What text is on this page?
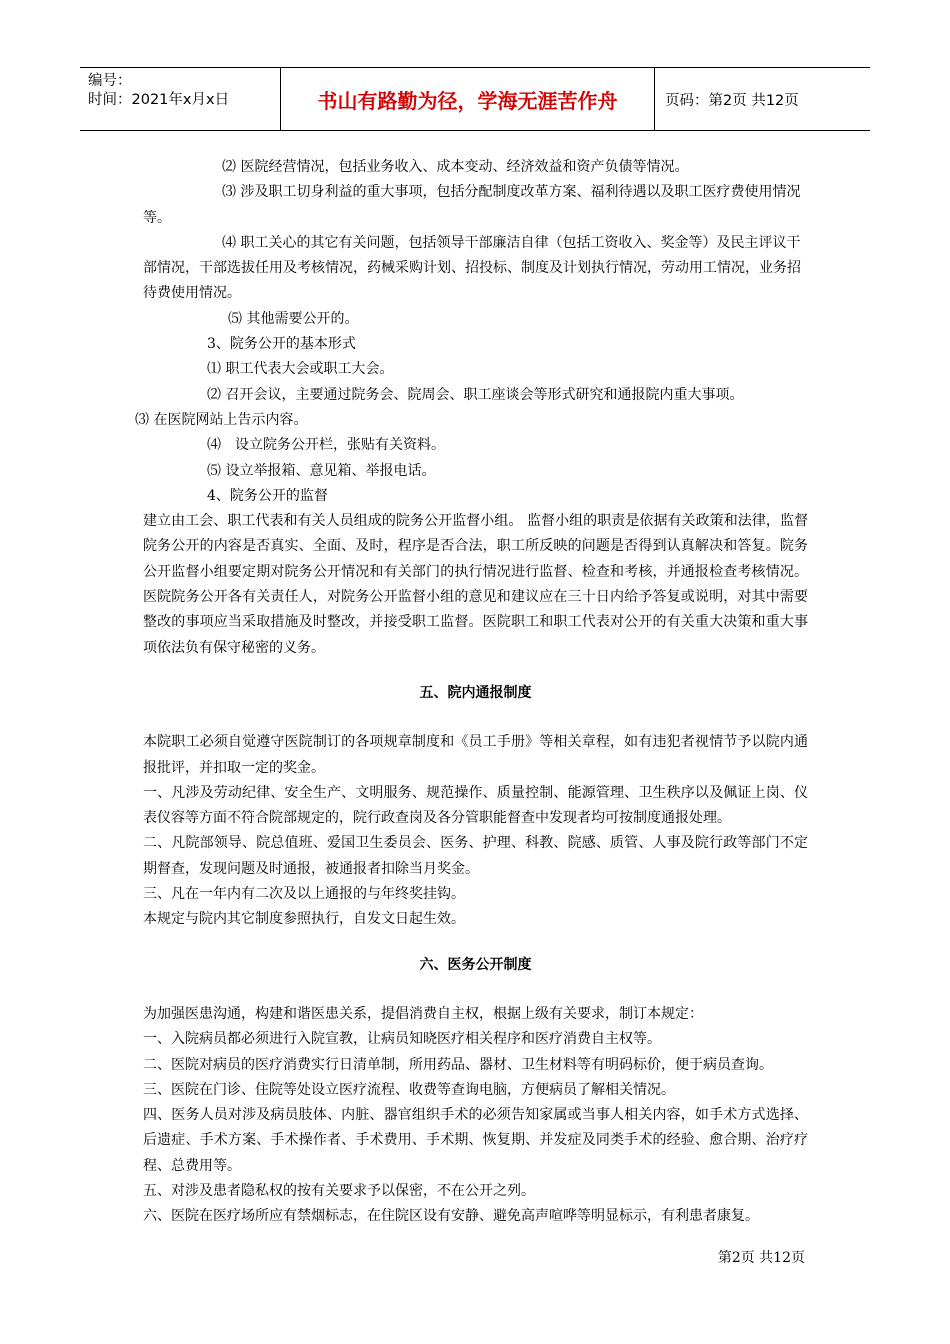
编号：
时间：2021年x月x日	书山有路勤为径，学海无涯苦作舟	页码：第2页 共12页

⑵ 医院经营情况，包括业务收入、成本变动、经济效益和资产负债等情况。

⑶ 涉及职工切身利益的重大事项，包括分配制度改革方案、福利待遇以及职工医疗费使用情况等。

⑷ 职工关心的其它有关问题，包括领导干部廉洁自律（包括工资收入、奖金等）及民主评议干部情况，干部选拔任用及考核情况，药械采购计划、招投标、制度及计划执行情况，劳动用工情况，业务招待费使用情况。

⑸ 其他需要公开的。

3、院务公开的基本形式

⑴ 职工代表大会或职工大会。

⑵ 召开会议，主要通过院务会、院周会、职工座谈会等形式研究和通报院内重大事项。

⑶ 在医院网站上告示内容。

⑷　设立院务公开栏，张贴有关资料。

⑸ 设立举报箱、意见箱、举报电话。

4、院务公开的监督

建立由工会、职工代表和有关人员组成的院务公开监督小组。 监督小组的职责是依据有关政策和法律，监督院务公开的内容是否真实、全面、及时，程序是否合法，职工所反映的问题是否得到认真解决和答复。院务公开监督小组要定期对院务公开情况和有关部门的执行情况进行监督、检查和考核，并通报检查考核情况。医院院务公开各有关责任人，对院务公开监督小组的意见和建议应在三十日内给予答复或说明，对其中需要整改的事项应当采取措施及时整改，并接受职工监督。医院职工和职工代表对公开的有关重大决策和重大事项依法负有保守秘密的义务。

五、院内通报制度

本院职工必须自觉遵守医院制订的各项规章制度和《员工手册》等相关章程，如有违犯者视情节予以院内通报批评，并扣取一定的奖金。

一、凡涉及劳动纪律、安全生产、文明服务、规范操作、质量控制、能源管理、卫生秩序以及佩证上岗、仪表仪容等方面不符合院部规定的，院行政查岗及各分管职能督查中发现者均可按制度通报处理。

二、凡院部领导、院总值班、爱国卫生委员会、医务、护理、科教、院感、质管、人事及院行政等部门不定期督查，发现问题及时通报，被通报者扣除当月奖金。

三、凡在一年内有二次及以上通报的与年终奖挂钩。

本规定与院内其它制度参照执行，自发文日起生效。

六、医务公开制度

为加强医患沟通，构建和谐医患关系，提倡消费自主权，根据上级有关要求，制订本规定：

一、入院病员都必须进行入院宣教，让病员知晓医疗相关程序和医疗消费自主权等。

二、医院对病员的医疗消费实行日清单制，所用药品、器材、卫生材料等有明码标价，便于病员查询。

三、医院在门诊、住院等处设立医疗流程、收费等查询电脑，方便病员了解相关情况。

四、医务人员对涉及病员肢体、内脏、器官组织手术的必须告知家属或当事人相关内容，如手术方式选择、后遗症、手术方案、手术操作者、手术费用、手术期、恢复期、并发症及同类手术的经验、愈合期、治疗疗程、总费用等。

五、对涉及患者隐私权的按有关要求予以保密，不在公开之列。

六、医院在医疗场所应有禁烟标志，在住院区设有安静、避免高声喧哗等明显标示，有利患者康复。

第2页 共12页
